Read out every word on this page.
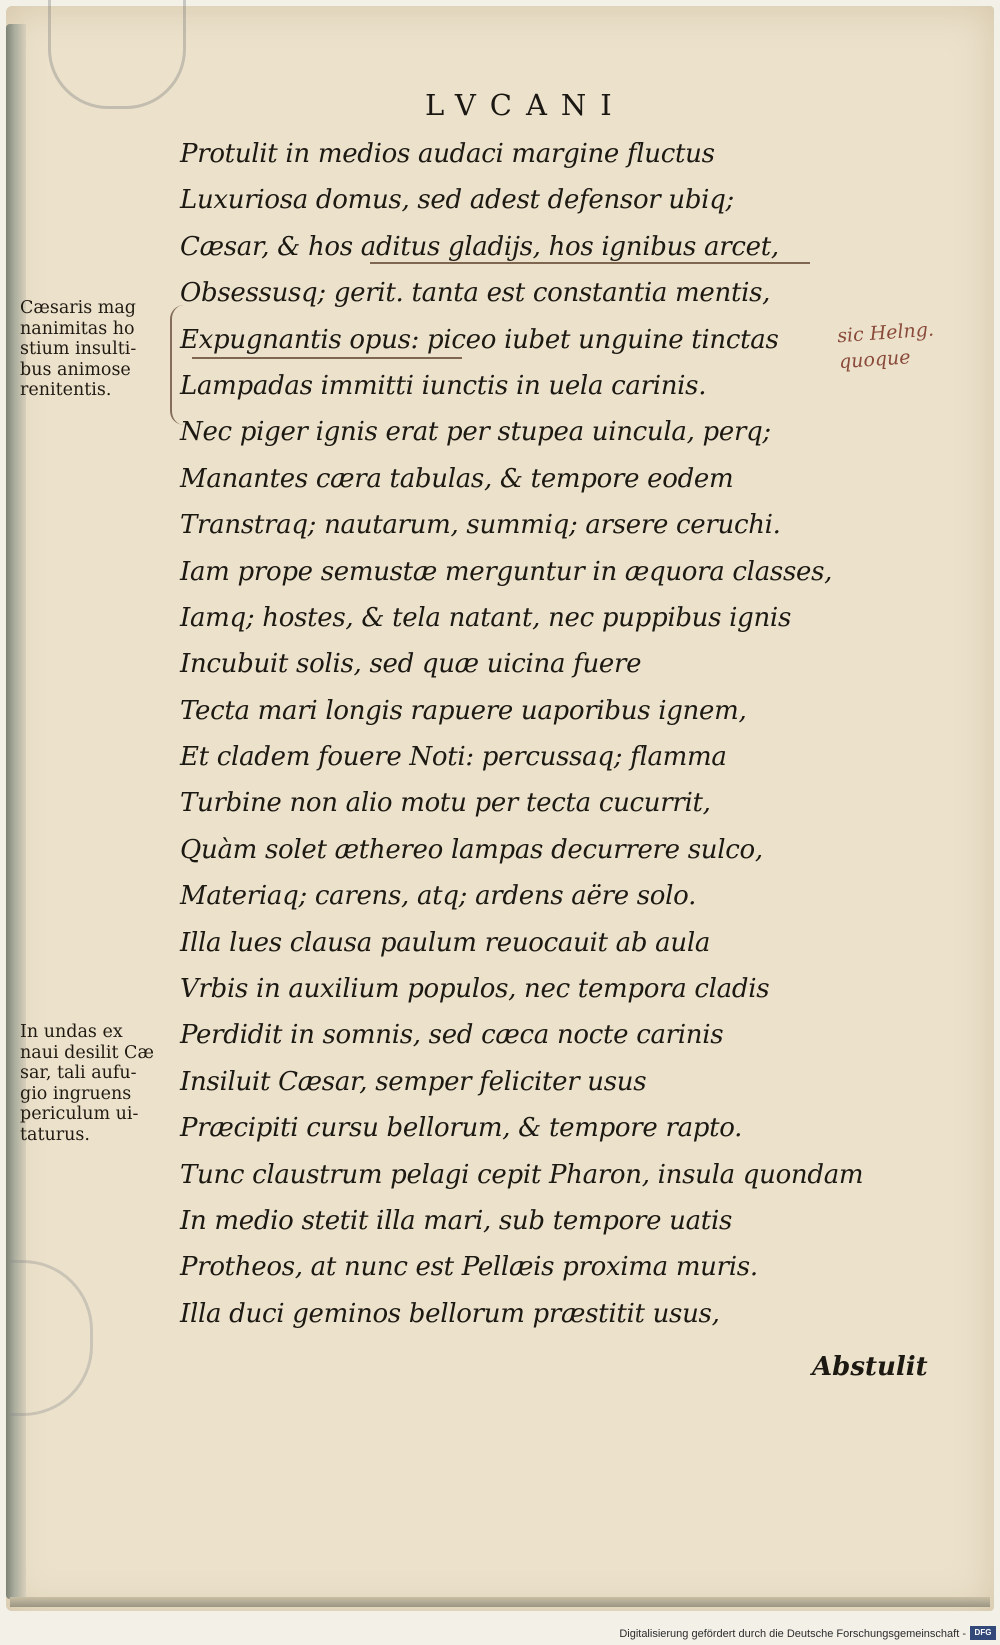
LVCANI
Cæsaris mag
nanimitas ho
stium insulti-
bus animose
renitentis.
In undas ex
naui desilit Cæ
sar, tali aufu-
gio ingruens
periculum ui-
taturus.
Protulit in medios audaci margine fluctus
Luxuriosa domus, sed adest defensor ubiq;
Cæsar, & hos aditus gladijs, hos ignibus arcet,
Obsessusq; gerit. tanta est constantia mentis,
Expugnantis opus: piceo iubet unguine tinctas
Lampadas immitti iunctis in uela carinis.
Nec piger ignis erat per stupea uincula, perq;
Manantes cæra tabulas, & tempore eodem
Transtraq; nautarum, summiq; arsere ceruchi.
Iam prope semustæ merguntur in æquora classes,
Iamq; hostes, & tela natant, nec puppibus ignis
Incubuit solis, sed quæ uicina fuere
Tecta mari longis rapuere uaporibus ignem,
Et cladem fouere Noti: percussaq; flamma
Turbine non alio motu per tecta cucurrit,
Quàm solet æthereo lampas decurrere sulco,
Materiaq; carens, atq; ardens aëre solo.
Illa lues clausa paulum reuocauit ab aula
Vrbis in auxilium populos, nec tempora cladis
Perdidit in somnis, sed cæca nocte carinis
Insiluit Cæsar, semper feliciter usus
Præcipiti cursu bellorum, & tempore rapto.
Tunc claustrum pelagi cepit Pharon, insula quondam
In medio stetit illa mari, sub tempore uatis
Protheos, at nunc est Pellæis proxima muris.
Illa duci geminos bellorum præstitit usus,
sic Helng.
quoque
Abstulit
Digitalisierung gefördert durch die Deutsche Forschungsgemeinschaft -	DFG
